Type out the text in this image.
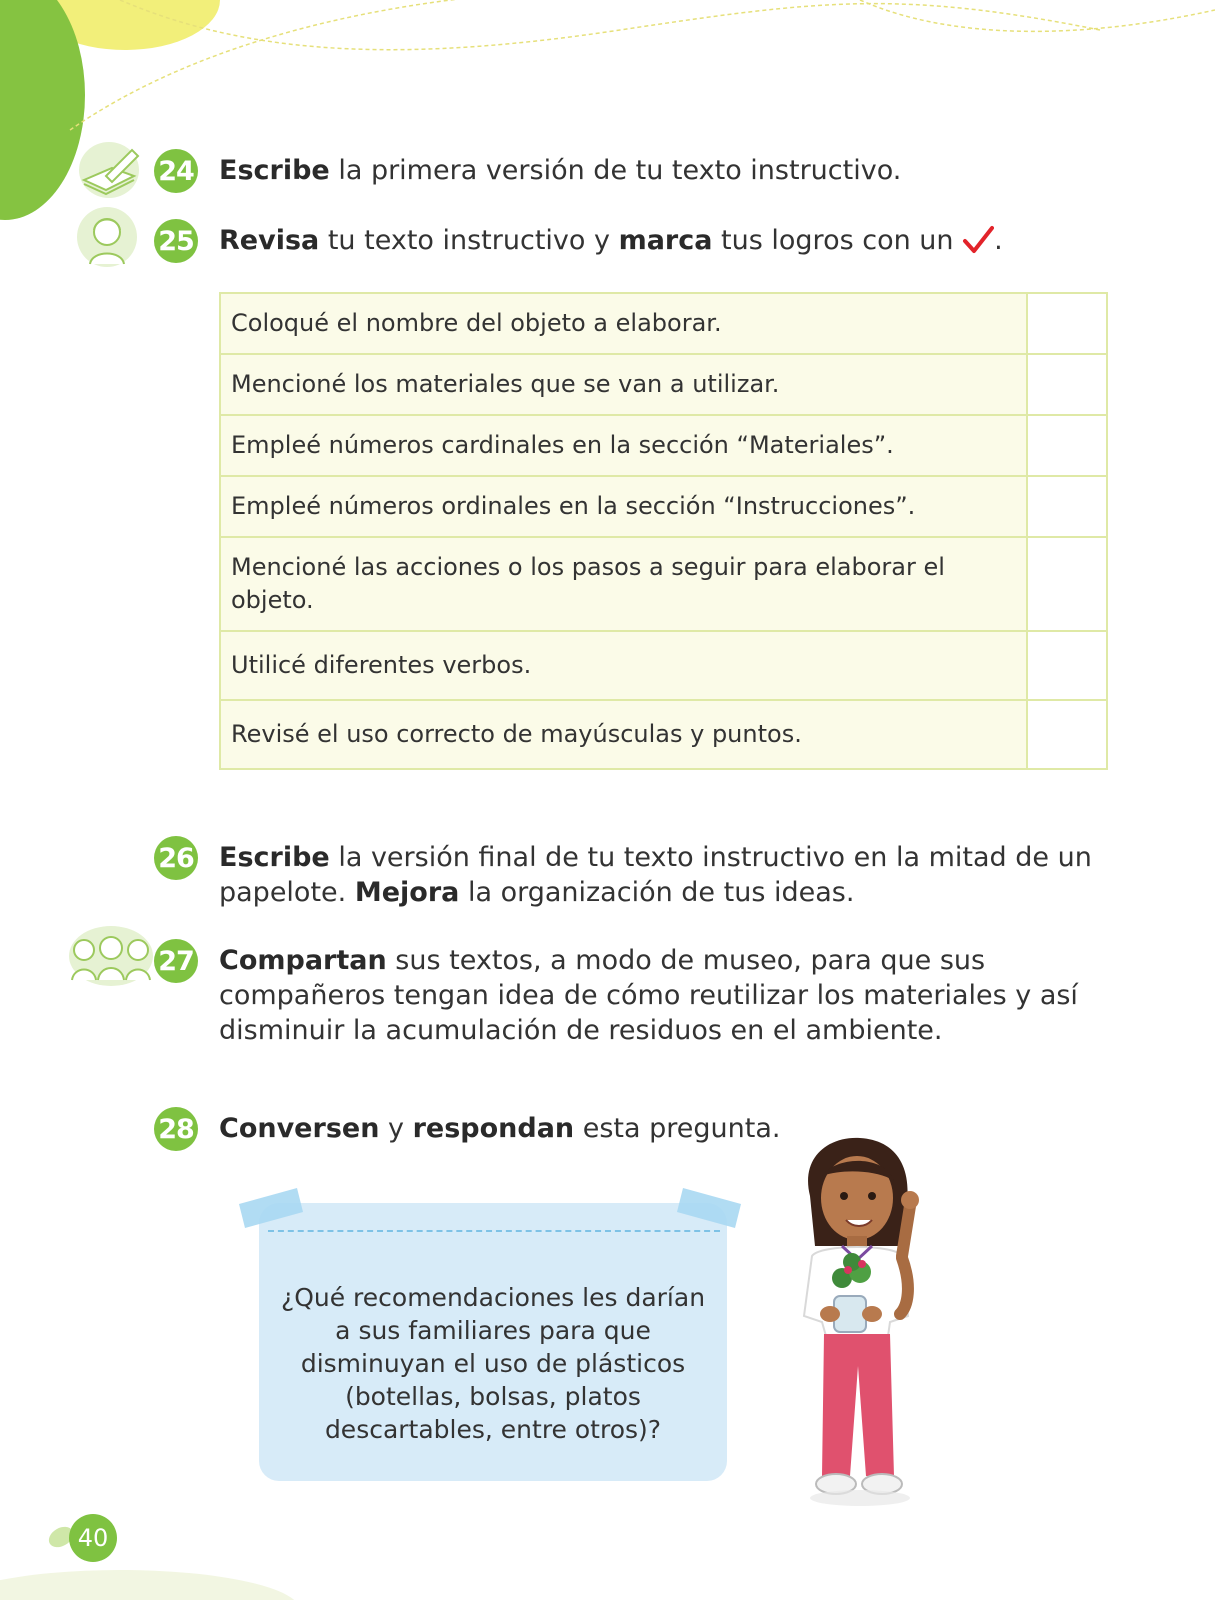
24 Escribe la primera versión de tu texto instructivo.
25 Revisa tu texto instructivo y marca tus logros con un .
Coloqué el nombre del objeto a elaborar.	
Mencioné los materiales que se van a utilizar.	
Empleé números cardinales en la sección “Materiales”.	
Empleé números ordinales en la sección “Instrucciones”.	
Mencioné las acciones o los pasos a seguir para elaborar el objeto.	
Utilicé diferentes verbos.	
Revisé el uso correcto de mayúsculas y puntos.	
26 Escribe la versión final de tu texto instructivo en la mitad de un papelote. Mejora la organización de tus ideas.
27 Compartan sus textos, a modo de museo, para que sus compañeros tengan idea de cómo reutilizar los materiales y así disminuir la acumulación de residuos en el ambiente.
28 Conversen y respondan esta pregunta.
¿Qué recomendaciones les darían a sus familiares para que disminuyan el uso de plásticos (botellas, bolsas, platos descartables, entre otros)?
40
